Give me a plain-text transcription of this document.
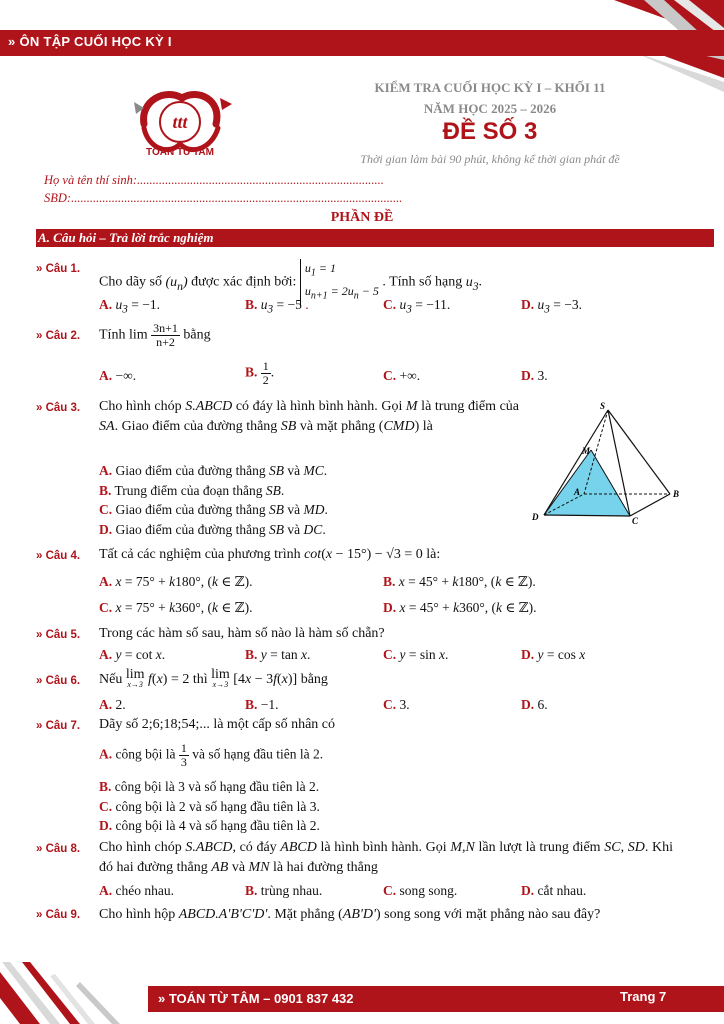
» ÔN TẬP CUỐI HỌC KỲ I
ttt
TOAN TU TAM
KIỂM TRA CUỐI HỌC KỲ I – KHỐI 11
NĂM HỌC 2025 – 2026
ĐỀ SỐ 3
Thời gian làm bài 90 phút, không kể thời gian phát đề
Họ và tên thí sinh:...............................................................................
SBD:..........................................................................................................
PHẦN ĐỀ
A. Câu hỏi – Trả lời trắc nghiệm
» Câu 1.
Cho dãy số $(u_n)$ được xác định bởi: $u_1 = 1$
$u_{n+1} = 2u_n - 5$ . Tính số hạng $u_3$.
A. $u_3 = -1$.	B. $u_3 = -5$ .	C. $u_3 = -11$.	D. $u_3 = -3$.
» Câu 2. Tính $\lim \frac{3n+1}{n+2}$ bằng
A. −∞.	B. $\frac{1}{2}$ .	C. +∞.	D. 3.
» Câu 3. Cho hình chóp S.ABCD có đáy là hình bình hành. Gọi M là trung điểm của SA. Giao điểm của đường thẳng SB và mặt phẳng (CMD) là
A. Giao điểm của đường thẳng SB và MC.
B. Trung điểm của đoạn thẳng SB.
C. Giao điểm của đường thẳng SB và MD.
D. Giao điểm của đường thẳng SB và DC.
S
M
A	B
D	C
» Câu 4. Tất cả các nghiệm của phương trình cot(x − 15°) − √3 = 0 là:
A. x = 75° + k180°, (k ∈ ℤ).	B. x = 45° + k180°, (k ∈ ℤ).
C. x = 75° + k360°, (k ∈ ℤ).	D. x = 45° + k360°, (k ∈ ℤ).
» Câu 5. Trong các hàm số sau, hàm số nào là hàm số chẵn?
A. y = cot x.	B. y = tan x.	C. y = sin x.	D. y = cos x
» Câu 6. Nếu lim
x→3 f(x) = 2 thì lim
x→3 [4x − 3f(x)] bằng
A. 2.	B. −1.	C. 3.	D. 6.
» Câu 7. Dãy số 2;6;18;54;... là một cấp số nhân có
A. công bội là $\frac{1}{3}$ và số hạng đầu tiên là 2.
B. công bội là 3 và số hạng đầu tiên là 2.
C. công bội là 2 và số hạng đầu tiên là 3.
D. công bội là 4 và số hạng đầu tiên là 2.
» Câu 8. Cho hình chóp S.ABCD, có đáy ABCD là hình bình hành. Gọi M,N lần lượt là trung điểm SC, SD. Khi đó hai đường thẳng AB và MN là hai đường thẳng
A. chéo nhau.	B. trùng nhau.	C. song song.	D. cắt nhau.
» Câu 9. Cho hình hộp ABCD.A'B'C'D'. Mặt phẳng (AB'D') song song với mặt phẳng nào sau đây?
» TOÁN TỪ TÂM – 0901 837 432	Trang 7
